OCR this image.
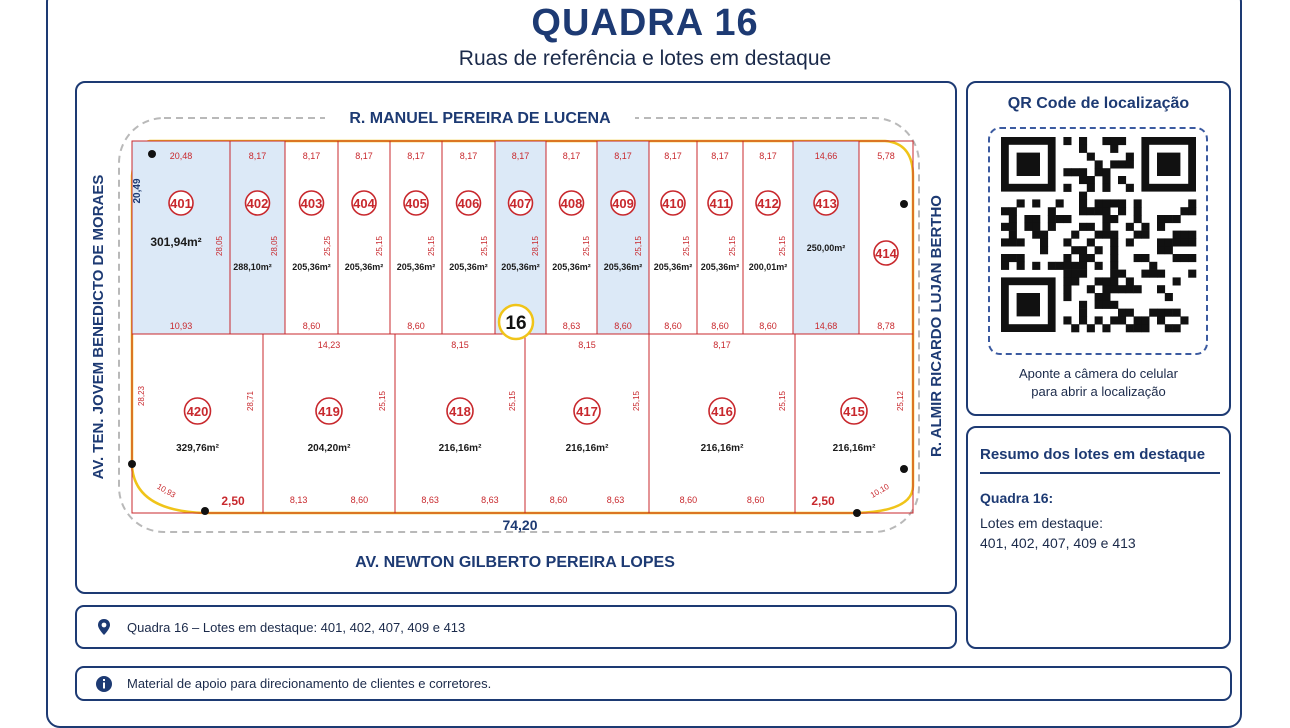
QUADRA 16
Ruas de referência e lotes em destaque
401
301,94m²
20,48
10,93
28,05
402
288,10m²
8,17
28,05
403
205,36m²
8,17
8,60
25,25
404
205,36m²
8,17
25,15
405
205,36m²
8,17
8,60
25,15
406
205,36m²
8,17
25,15
407
205,36m²
8,17
28,15
408
205,36m²
8,17
8,63
25,15
409
205,36m²
8,17
8,60
25,15
410
205,36m²
8,17
8,60
25,15
411
205,36m²
8,17
8,60
25,15
412
200,01m²
8,17
8,60
25,15
413
250,00m²
14,66
14,68
414
5,78
8,78
420
329,76m²
28,71
28,23
2,50
10,93
419
204,20m²
14,23
25,15
8,13	8,60
418
216,16m²
8,15
25,15
8,63	8,63
417
216,16m²
8,15
25,15
8,60	8,63
416
216,16m²
8,17
25,15
8,60	8,60
415
216,16m²
25,12
2,50
10,10
20,49
16
74,20
R. MANUEL PEREIRA DE LUCENA
AV. NEWTON GILBERTO PEREIRA LOPES
AV. TEN. JOVEM BENEDICTO DE MORAES	R. ALMIR RICARDO LUJAN BERTHO
QR Code de localização
Aponte a câmera do celular
para abrir a localização
Resumo dos lotes em destaque
Quadra 16:
Lotes em destaque:
401, 402, 407, 409 e 413
Quadra 16 – Lotes em destaque: 401, 402, 407, 409 e 413
Material de apoio para direcionamento de clientes e corretores.
